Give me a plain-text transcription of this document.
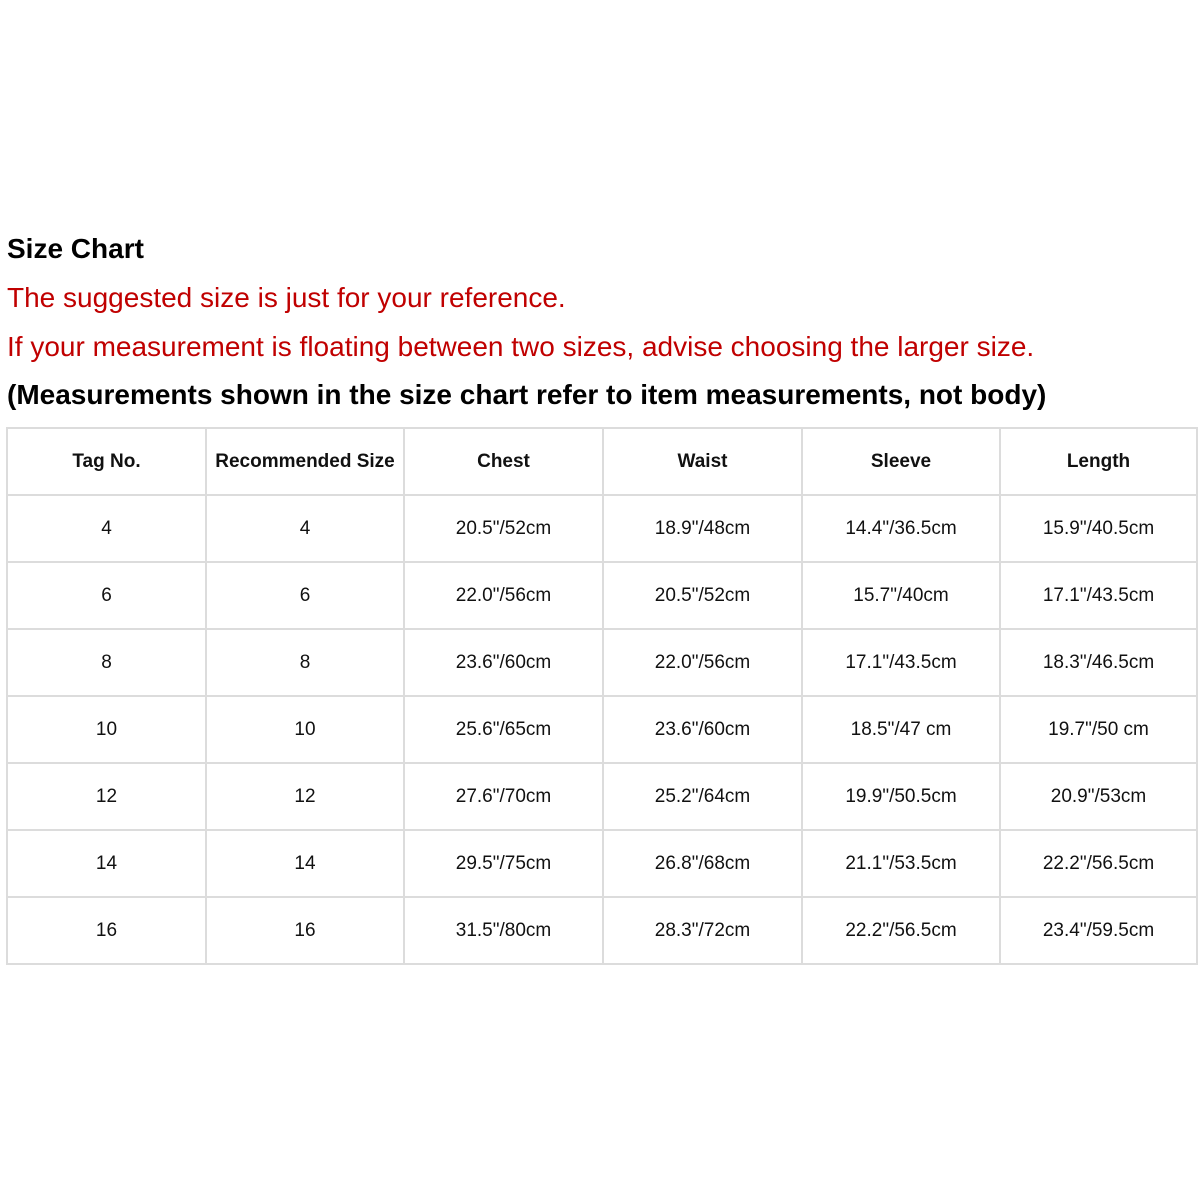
Size Chart

The suggested size is just for your reference.

If your measurement is floating between two sizes, advise choosing the larger size.

(Measurements shown in the size chart refer to item measurements, not body)

Tag No.	Recommended Size	Chest	Waist	Sleeve	Length
4	4	20.5"/52cm	18.9"/48cm	14.4"/36.5cm	15.9"/40.5cm
6	6	22.0"/56cm	20.5"/52cm	15.7"/40cm	17.1"/43.5cm
8	8	23.6"/60cm	22.0"/56cm	17.1"/43.5cm	18.3"/46.5cm
10	10	25.6"/65cm	23.6"/60cm	18.5"/47 cm	19.7"/50 cm
12	12	27.6"/70cm	25.2"/64cm	19.9"/50.5cm	20.9"/53cm
14	14	29.5"/75cm	26.8"/68cm	21.1"/53.5cm	22.2"/56.5cm
16	16	31.5"/80cm	28.3"/72cm	22.2"/56.5cm	23.4"/59.5cm
